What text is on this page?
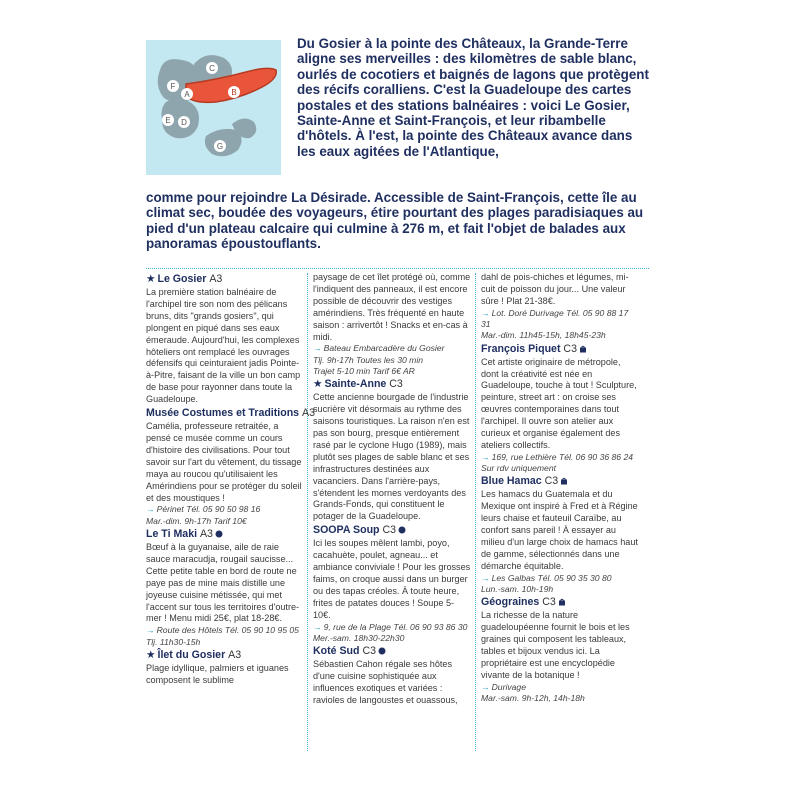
C
F
A	B
E D
G

Du Gosier à la pointe des Châteaux, la Grande-Terre aligne ses merveilles : des kilomètres de sable blanc, ourlés de cocotiers et baignés de lagons que protègent des récifs coralliens. C'est la Guadeloupe des cartes postales et des stations balnéaires : voici Le Gosier, Sainte-Anne et Saint-François, et leur ribambelle d'hôtels. À l'est, la pointe des Châteaux avance dans les eaux agitées de l'Atlantique,

comme pour rejoindre La Désirade. Accessible de Saint-François, cette île au climat sec, boudée des voyageurs, étire pourtant des plages paradisiaques au pied d'un plateau calcaire qui culmine à 276 m, et fait l'objet de balades aux panoramas époustouflants.

★ Le Gosier A3

La première station balnéaire de l'archipel tire son nom des pélicans bruns, dits "grands gosiers", qui plongent en piqué dans ses eaux émeraude. Aujourd'hui, les complexes hôteliers ont remplacé les ouvrages défensifs qui ceinturaient jadis Pointe-à-Pitre, faisant de la ville un bon camp de base pour rayonner dans toute la Guadeloupe.

Musée Costumes et Traditions A3

Camélia, professeure retraitée, a pensé ce musée comme un cours d'histoire des civilisations. Pour tout savoir sur l'art du vêtement, du tissage maya au roucou qu'utilisaient les Amérindiens pour se protéger du soleil et des moustiques !

→ Périnet Tél. 05 90 50 98 16
Mar.-dim. 9h-17h Tarif 10€
Le Ti Maki A3

Bœuf à la guyanaise, aile de raie sauce maracudja, rougail saucisse... Cette petite table en bord de route ne paye pas de mine mais distille une joyeuse cuisine métissée, qui met l'accent sur tous les territoires d'outre-mer ! Menu midi 25€, plat 18-28€.

→ Route des Hôtels Tél. 05 90 10 95 05
Tlj. 11h30-15h
★ Îlet du Gosier A3

Plage idyllique, palmiers et iguanes composent le sublime

paysage de cet îlet protégé où, comme l'indiquent des panneaux, il est encore possible de découvrir des vestiges amérindiens. Très fréquenté en haute saison : arrivertôt ! Snacks et en-cas à midi.

→ Bateau Embarcadère du Gosier
Tlj. 9h-17h Toutes les 30 min
Trajet 5-10 min Tarif 6€ AR
★ Sainte-Anne C3

Cette ancienne bourgade de l'industrie sucrière vit désormais au rythme des saisons touristiques. La raison n'en est pas son bourg, presque entièrement rasé par le cyclone Hugo (1989), mais plutôt ses plages de sable blanc et ses infrastructures destinées aux vacanciers. Dans l'arrière-pays, s'étendent les mornes verdoyants des Grands-Fonds, qui constituent le potager de la Guadeloupe.

SOOPA Soup C3

Ici les soupes mêlent lambi, poyo, cacahuète, poulet, agneau... et ambiance conviviale ! Pour les grosses faims, on croque aussi dans un burger ou des tapas créoles. À toute heure, frites de patates douces ! Soupe 5-10€.

→ 9, rue de la Plage Tél. 06 90 93 86 30
Mer.-sam. 18h30-22h30
Koté Sud C3

Sébastien Cahon régale ses hôtes d'une cuisine sophistiquée aux influences exotiques et variées : ravioles de langoustes et ouassous,

dahl de pois-chiches et légumes, mi-cuit de poisson du jour... Une valeur sûre ! Plat 21-38€.

→ Lot. Doré Durivage Tél. 05 90 88 17 31
Mar.-dim. 11h45-15h, 18h45-23h
François Piquet C3

Cet artiste originaire de métropole, dont la créativité est née en Guadeloupe, touche à tout ! Sculpture, peinture, street art : on croise ses œuvres contemporaines dans tout l'archipel. Il ouvre son atelier aux curieux et organise également des ateliers collectifs.

→ 169, rue Lethière Tél. 06 90 36 86 24
Sur rdv uniquement
Blue Hamac C3

Les hamacs du Guatemala et du Mexique ont inspiré à Fred et à Régine leurs chaise et fauteuil Caraïbe, au confort sans pareil ! À essayer au milieu d'un large choix de hamacs haut de gamme, sélectionnés dans une démarche équitable.

→ Les Galbas Tél. 05 90 35 30 80
Lun.-sam. 10h-19h
Géograines C3

La richesse de la nature guadeloupéenne fournit le bois et les graines qui composent les tableaux, tables et bijoux vendus ici. La propriétaire est une encyclopédie vivante de la botanique !

→ Durivage
Mar.-sam. 9h-12h, 14h-18h
